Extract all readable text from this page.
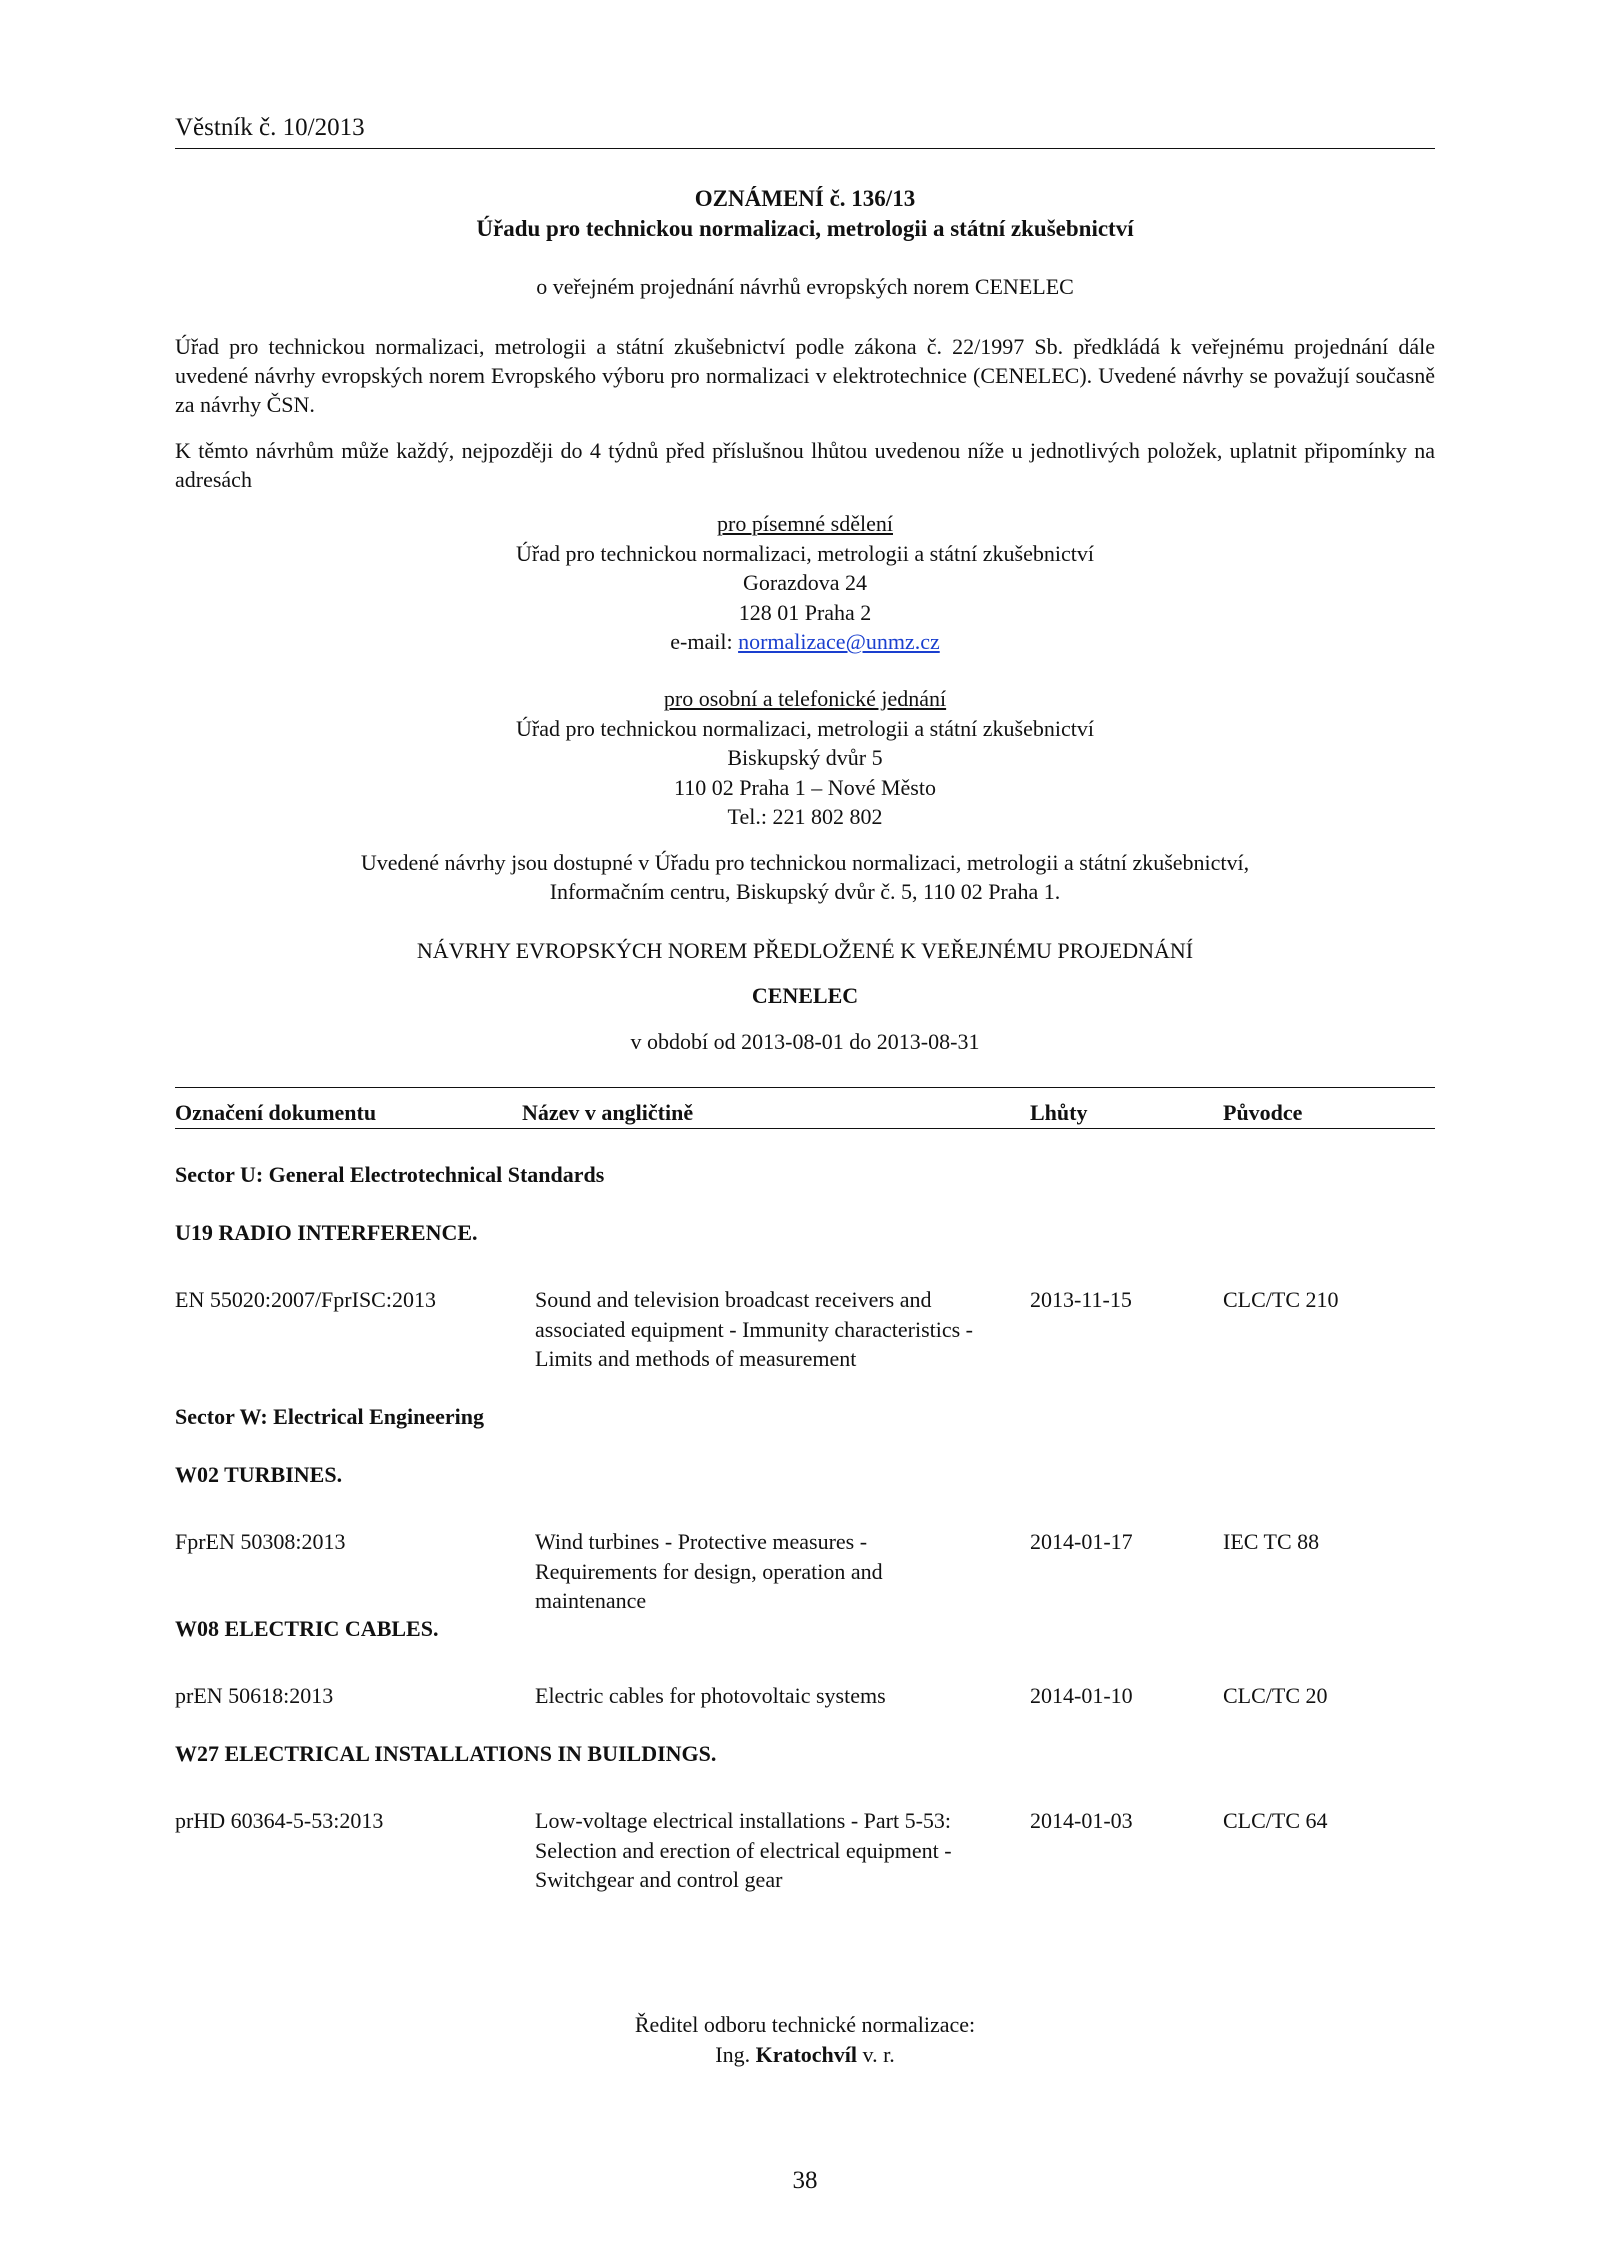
Věstník č. 10/2013
OZNÁMENÍ č. 136/13
Úřadu pro technickou normalizaci, metrologii a státní zkušebnictví
o veřejném projednání návrhů evropských norem CENELEC
Úřad pro technickou normalizaci, metrologii a státní zkušebnictví podle zákona č. 22/1997 Sb. předkládá k veřejnému projednání dále uvedené návrhy evropských norem Evropského výboru pro normalizaci v elektrotechnice (CENELEC). Uvedené návrhy se považují současně za návrhy ČSN.
K těmto návrhům může každý, nejpozději do 4 týdnů před příslušnou lhůtou uvedenou níže u jednotlivých položek, uplatnit připomínky na adresách
pro písemné sdělení
Úřad pro technickou normalizaci, metrologii a státní zkušebnictví
Gorazdova 24
128 01 Praha 2
e-mail: normalizace@unmz.cz
pro osobní a telefonické jednání
Úřad pro technickou normalizaci, metrologii a státní zkušebnictví
Biskupský dvůr 5
110 02 Praha 1 – Nové Město
Tel.: 221 802 802
Uvedené návrhy jsou dostupné v Úřadu pro technickou normalizaci, metrologii a státní zkušebnictví,
Informačním centru, Biskupský dvůr č. 5, 110 02 Praha 1.
NÁVRHY EVROPSKÝCH NOREM PŘEDLOŽENÉ K VEŘEJNÉMU PROJEDNÁNÍ
CENELEC
v období od 2013-08-01 do 2013-08-31
Označení dokumentu	Název v angličtině	Lhůty	Původce
Sector U: General Electrotechnical Standards
U19 RADIO INTERFERENCE.
EN 55020:2007/FprISC:2013	Sound and television broadcast receivers and
associated equipment - Immunity characteristics -
Limits and methods of measurement
2013-11-15	CLC/TC 210
Sector W: Electrical Engineering
W02 TURBINES.
FprEN 50308:2013	Wind turbines - Protective measures -
Requirements for design, operation and
maintenance
2014-01-17	IEC TC 88
W08 ELECTRIC CABLES.
prEN 50618:2013	Electric cables for photovoltaic systems	2014-01-10	CLC/TC 20
W27 ELECTRICAL INSTALLATIONS IN BUILDINGS.
prHD 60364-5-53:2013	Low-voltage electrical installations - Part 5-53:
Selection and erection of electrical equipment -
Switchgear and control gear
2014-01-03	CLC/TC 64
Ředitel odboru technické normalizace:
Ing. Kratochvíl v. r.
38
